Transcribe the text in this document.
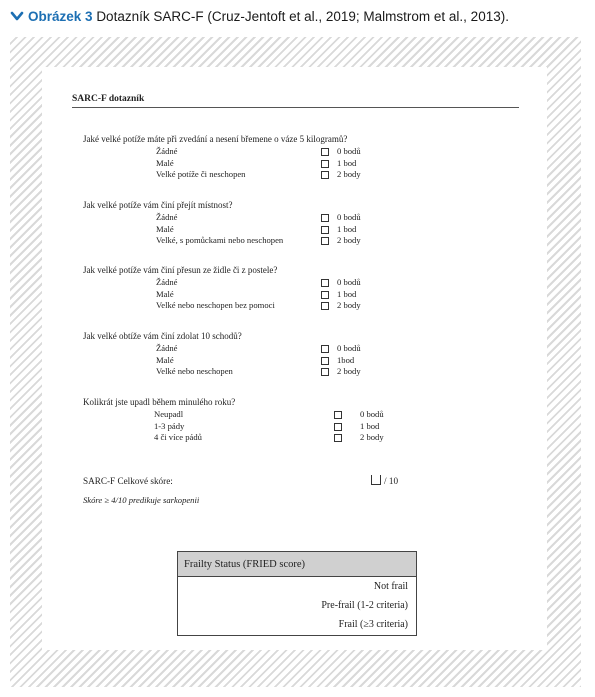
Obrázek 3 Dotazník SARC-F (Cruz-Jentoft et al., 2019; Malmstrom et al., 2013).
SARC-F dotazník
Jaké velké potíže máte při zvedání a nesení břemene o váze 5 kilogramů?
Žádné	0 bodů
Malé	1 bod
Velké potíže či neschopen	2 body
Jak velké potíže vám činí přejít místnost?
Žádné	0 bodů
Malé	1 bod
Velké, s pomůckami nebo neschopen	2 body
Jak velké potíže vám činí přesun ze židle či z postele?
Žádné	0 bodů
Malé	1 bod
Velké nebo neschopen bez pomoci	2 body
Jak velké obtíže vám činí zdolat 10 schodů?
Žádné	0 bodů
Malé	1bod
Velké nebo neschopen	2 body
Kolikrát jste upadl během minulého roku?
Neupadl	0 bodů
1-3 pády	1 bod
4 či více pádů	2 body
SARC-F Celkové skóre:	/ 10
Skóre ≥ 4/10 predikuje sarkopenii
Frailty Status (FRIED score)
Not frail
Pre-frail (1-2 criteria)
Frail (≥3 criteria)
